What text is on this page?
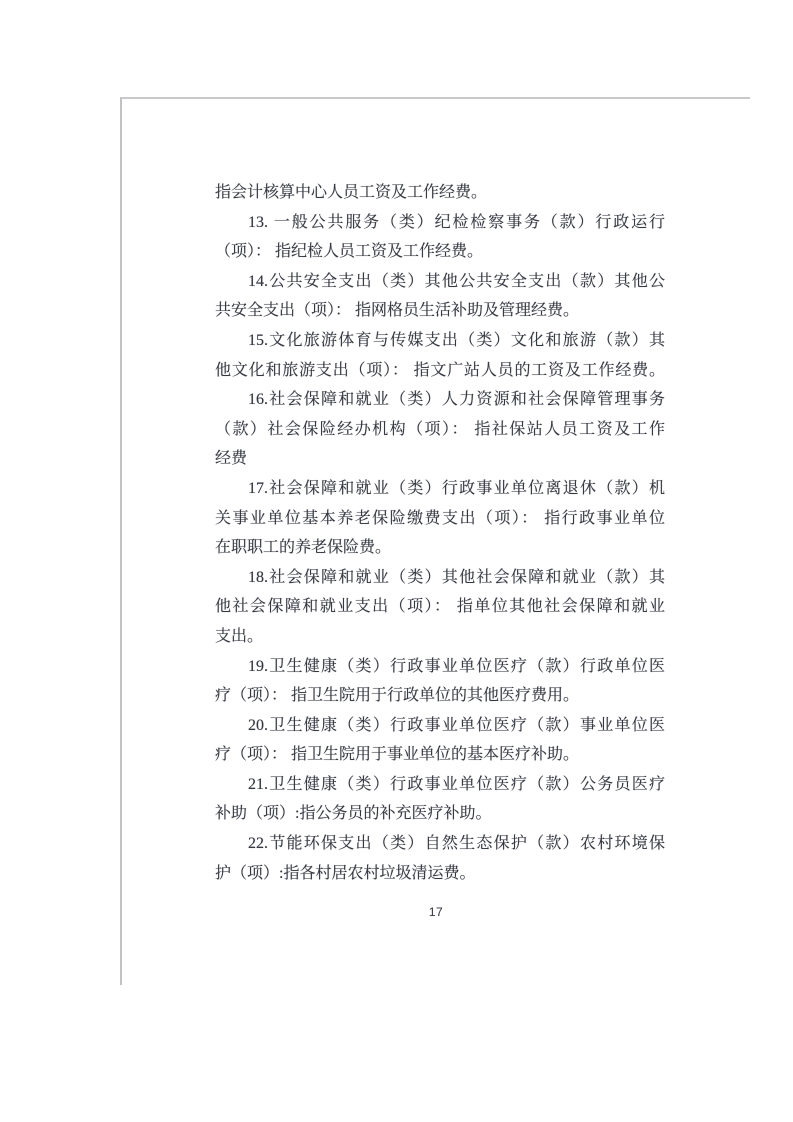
指会计核算中心人员工资及工作经费。
13. 一般公共服务（类）纪检检察事务（款）行政运行
（项）： 指纪检人员工资及工作经费。
14.公共安全支出（类）其他公共安全支出（款）其他公
共安全支出（项）： 指网格员生活补助及管理经费。
15.文化旅游体育与传媒支出（类）文化和旅游（款）其
他文化和旅游支出（项）： 指文广站人员的工资及工作经费。
16.社会保障和就业（类）人力资源和社会保障管理事务
（款）社会保险经办机构（项）： 指社保站人员工资及工作
经费
17.社会保障和就业（类）行政事业单位离退休（款）机
关事业单位基本养老保险缴费支出（项）： 指行政事业单位
在职职工的养老保险费。
18.社会保障和就业（类）其他社会保障和就业（款）其
他社会保障和就业支出（项）： 指单位其他社会保障和就业
支出。
19.卫生健康（类）行政事业单位医疗（款）行政单位医
疗（项）： 指卫生院用于行政单位的其他医疗费用。
20.卫生健康（类）行政事业单位医疗（款）事业单位医
疗（项）： 指卫生院用于事业单位的基本医疗补助。
21.卫生健康（类）行政事业单位医疗（款）公务员医疗
补助（项）:指公务员的补充医疗补助。
22.节能环保支出（类）自然生态保护（款）农村环境保
护（项）:指各村居农村垃圾清运费。
17
